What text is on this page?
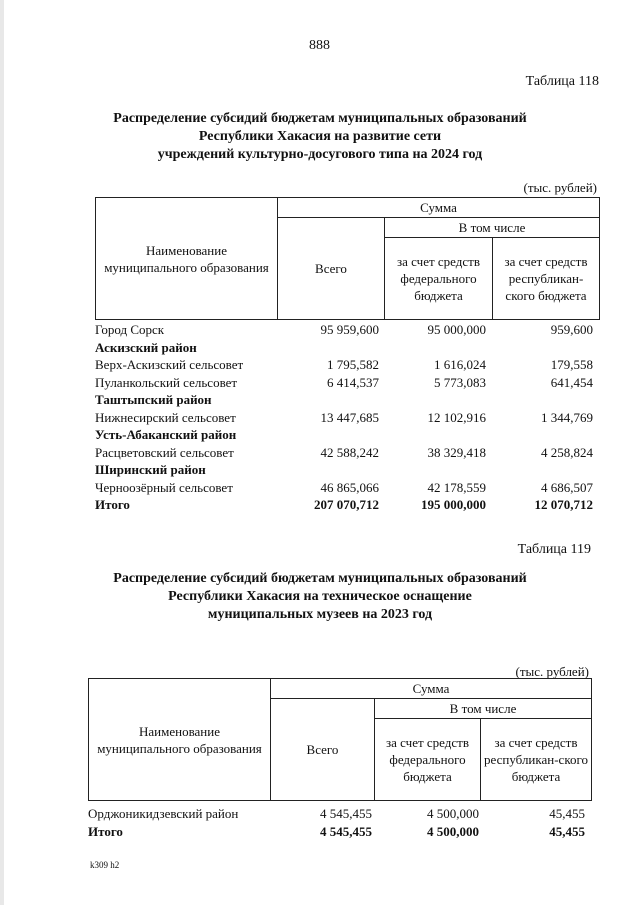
888
Таблица 118
Распределение субсидий бюджетам муниципальных образований
Республики Хакасия на развитие сети
учреждений культурно-досугового типа на 2024 год
(тыс. рублей)
Наименование муниципального образования	Сумма		
	Всего	В том числе	
		за счет средств федерального бюджета	за счет средств республикан-ского бюджета
Город Сорск	95 959,600	95 000,000	959,600
Аскизский район
Верх-Аскизский сельсовет	1 795,582	1 616,024	179,558
Пуланкольский сельсовет	6 414,537	5 773,083	641,454
Таштыпский район
Нижнесирский сельсовет	13 447,685	12 102,916	1 344,769
Усть-Абаканский район
Расцветовский сельсовет	42 588,242	38 329,418	4 258,824
Ширинский район
Черноозёрный сельсовет	46 865,066	42 178,559	4 686,507
Итого	207 070,712	195 000,000	12 070,712
Таблица 119
Распределение субсидий бюджетам муниципальных образований
Республики Хакасия на техническое оснащение
муниципальных музеев на 2023 год
(тыс. рублей)
Наименование муниципального образования	Сумма		
	Всего	В том числе	
		за счет средств федерального бюджета	за счет средств республикан-ского бюджета
Орджоникидзевский район	4 545,455	4 500,000	45,455
Итого	4 545,455	4 500,000	45,455
k309 h2
